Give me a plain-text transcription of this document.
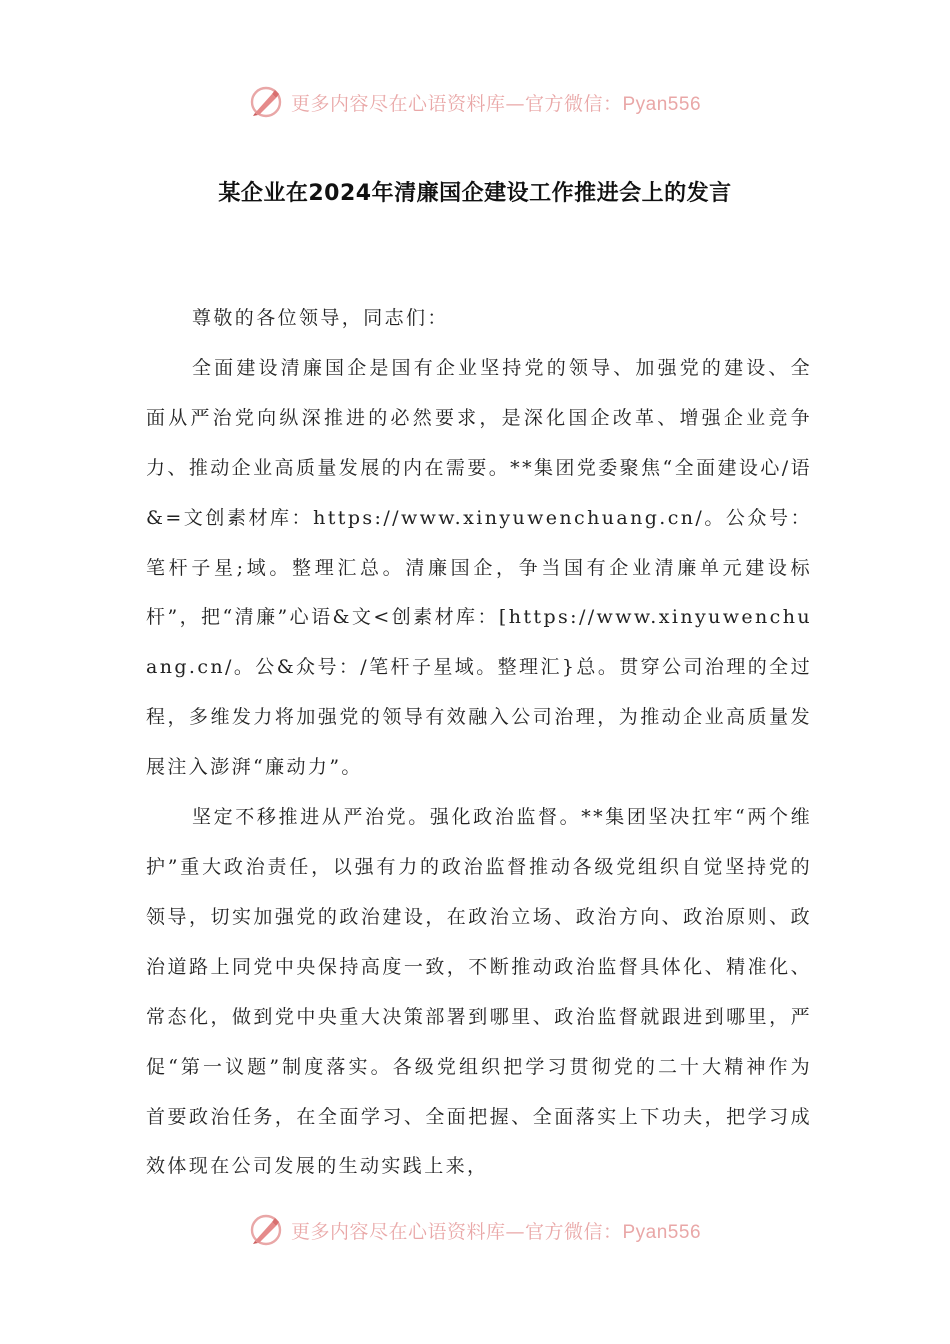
更多内容尽在心语资料库—官方微信：Pyan556
某企业在2024年清廉国企建设工作推进会上的发言

尊敬的各位领导，同志们：

全面建设清廉国企是国有企业坚持党的领导、加强党的建设、全面从严治党向纵深推进的必然要求，是深化国企改革、增强企业竞争力、推动企业高质量发展的内在需要。**集团党委聚焦“全面建设心/语&=文创素材库：https://www.xinyuwenchuang.cn/。公众号：笔杆子星;域。整理汇总。清廉国企，争当国有企业清廉单元建设标杆”，把“清廉”心语&文<创素材库：[https://www.xinyuwenchuang.cn/。公&众号：/笔杆子星域。整理汇}总。贯穿公司治理的全过程，多维发力将加强党的领导有效融入公司治理，为推动企业高质量发展注入澎湃“廉动力”。

坚定不移推进从严治党。强化政治监督。**集团坚决扛牢“两个维护”重大政治责任，以强有力的政治监督推动各级党组织自觉坚持党的领导，切实加强党的政治建设，在政治立场、政治方向、政治原则、政治道路上同党中央保持高度一致，不断推动政治监督具体化、精准化、常态化，做到党中央重大决策部署到哪里、政治监督就跟进到哪里，严促“第一议题”制度落实。各级党组织把学习贯彻党的二十大精神作为首要政治任务，在全面学习、全面把握、全面落实上下功夫，把学习成效体现在公司发展的生动实践上来，

更多内容尽在心语资料库—官方微信：Pyan556
